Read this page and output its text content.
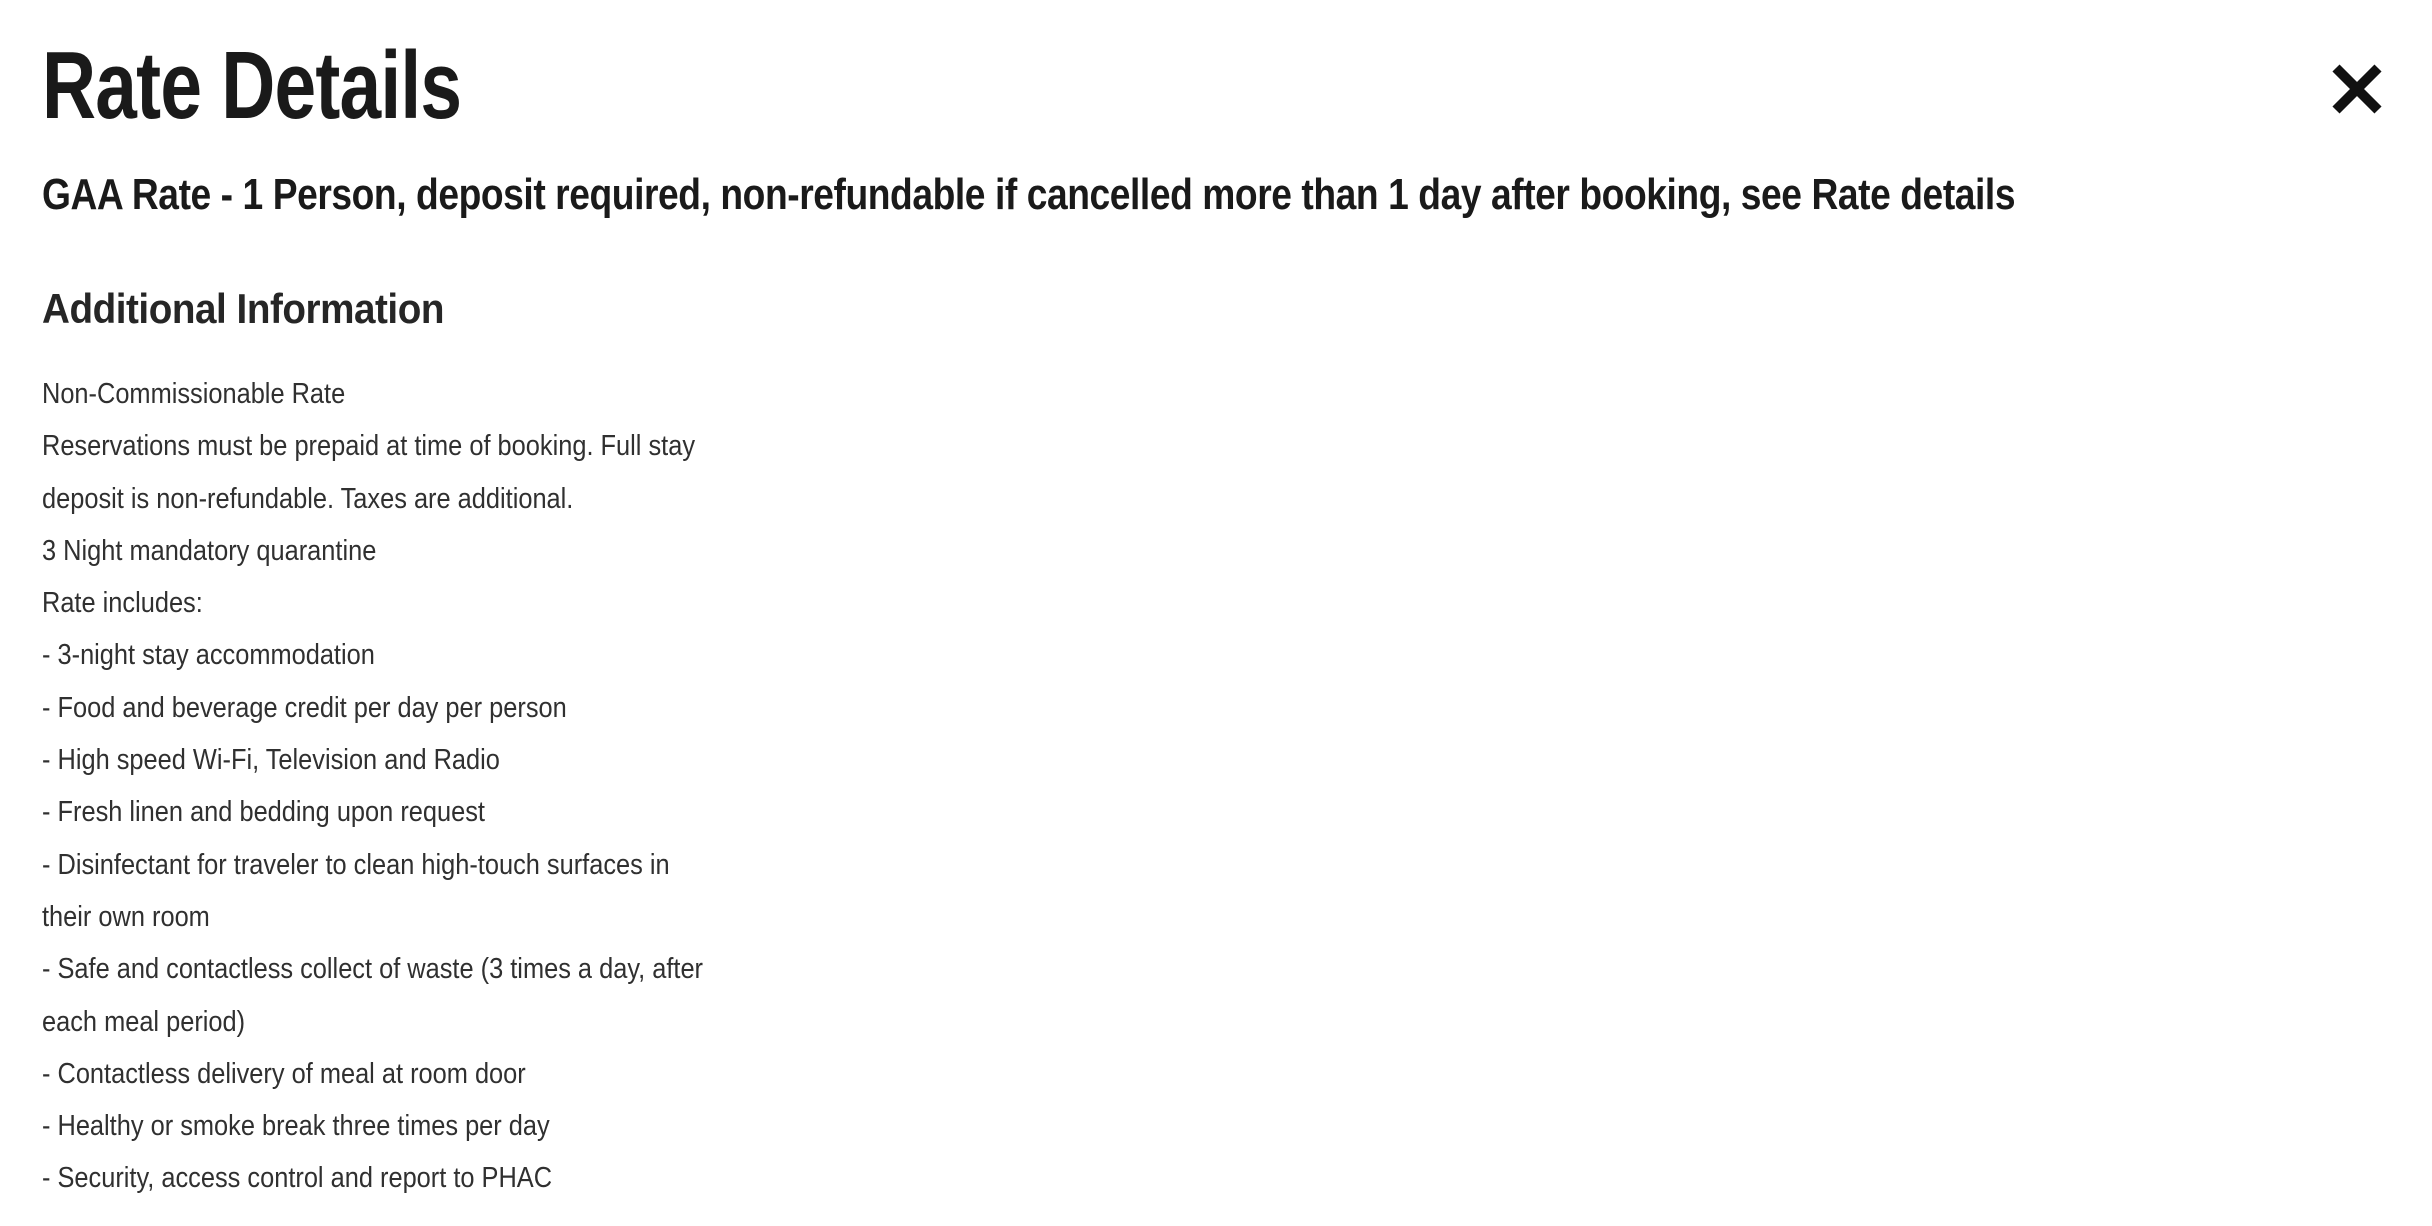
Rate Details
GAA Rate - 1 Person, deposit required, non-refundable if cancelled more than 1 day after booking, see Rate details
Additional Information
Non-Commissionable Rate
Reservations must be prepaid at time of booking. Full stay
deposit is non-refundable. Taxes are additional.
3 Night mandatory quarantine
Rate includes:
- 3-night stay accommodation
- Food and beverage credit per day per person
- High speed Wi-Fi, Television and Radio
- Fresh linen and bedding upon request
- Disinfectant for traveler to clean high-touch surfaces in
their own room
- Safe and contactless collect of waste (3 times a day, after
each meal period)
- Contactless delivery of meal at room door
- Healthy or smoke break three times per day
- Security, access control and report to PHAC
